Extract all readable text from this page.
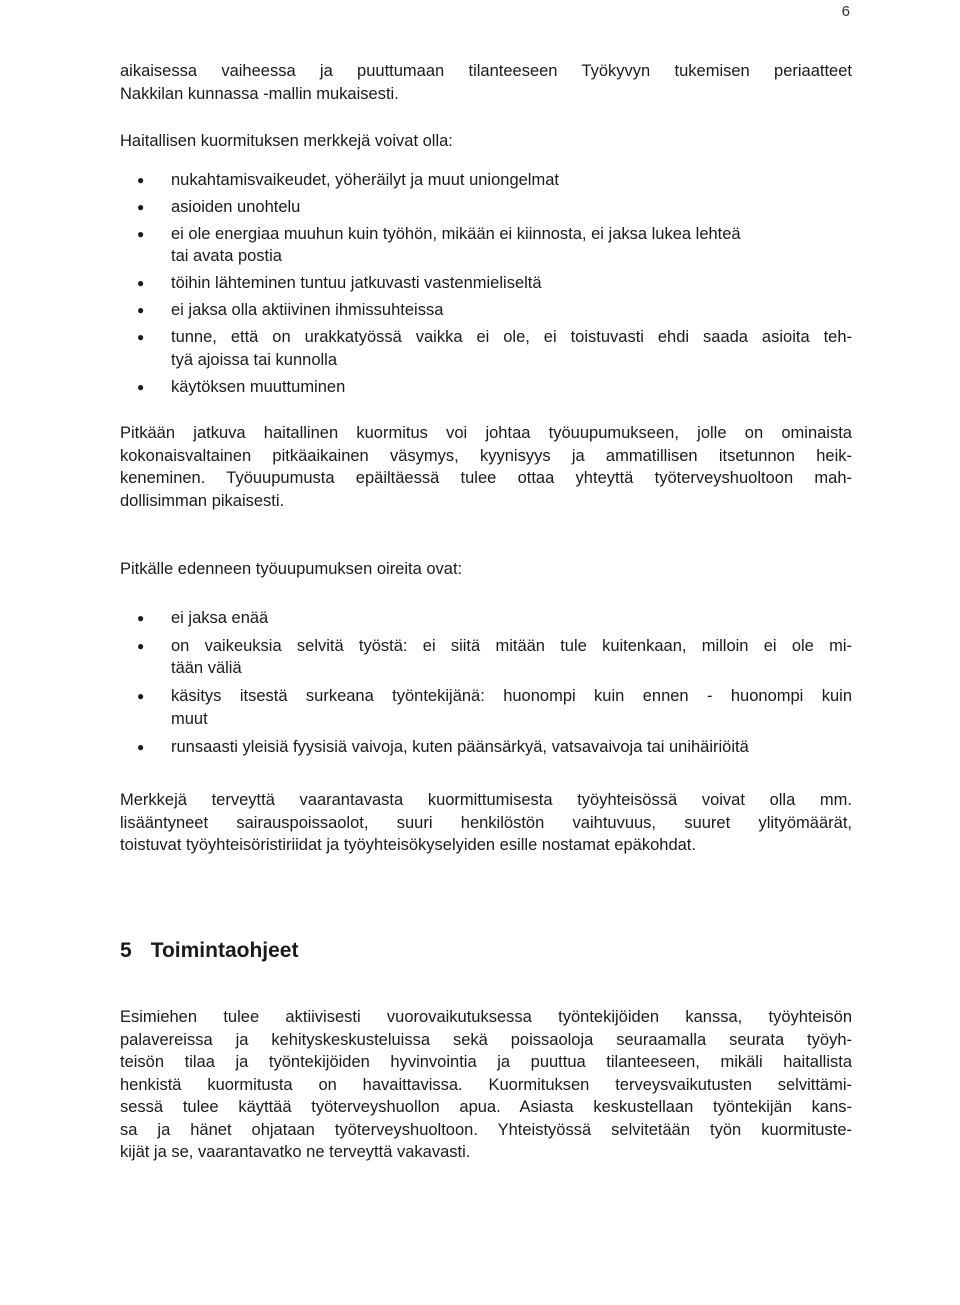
6

aikaisessa vaiheessa ja puuttumaan tilanteeseen Työkyvyn tukemisen periaatteet
Nakkilan kunnassa -mallin mukaisesti.

Haitallisen kuormituksen merkkejä voivat olla:

● nukahtamisvaikeudet, yöheräilyt ja muut uniongelmat
● asioiden unohtelu
● ei ole energiaa muuhun kuin työhön, mikään ei kiinnosta, ei jaksa lukea lehteä
tai avata postia
● töihin lähteminen tuntuu jatkuvasti vastenmieliseltä
● ei jaksa olla aktiivinen ihmissuhteissa
● tunne, että on urakkatyössä vaikka ei ole, ei toistuvasti ehdi saada asioita teh-
tyä ajoissa tai kunnolla
● käytöksen muuttuminen

Pitkään jatkuva haitallinen kuormitus voi johtaa työuupumukseen, jolle on ominaista
kokonaisvaltainen pitkäaikainen väsymys, kyynisyys ja ammatillisen itsetunnon heik-
keneminen. Työuupumusta epäiltäessä tulee ottaa yhteyttä työterveyshuoltoon mah-
dollisimman pikaisesti.

Pitkälle edenneen työuupumuksen oireita ovat:

● ei jaksa enää
● on vaikeuksia selvitä työstä: ei siitä mitään tule kuitenkaan, milloin ei ole mi-
tään väliä
● käsitys itsestä surkeana työntekijänä: huonompi kuin ennen - huonompi kuin
muut
● runsaasti yleisiä fyysisiä vaivoja, kuten päänsärkyä, vatsavaivoja tai unihäiriöitä

Merkkejä terveyttä vaarantavasta kuormittumisesta työyhteisössä voivat olla mm.
lisääntyneet sairauspoissaolot, suuri henkilöstön vaihtuvuus, suuret ylityömäärät,
toistuvat työyhteisöristiriidat ja työyhteisökyselyiden esille nostamat epäkohdat.

5 Toimintaohjeet

Esimiehen tulee aktiivisesti vuorovaikutuksessa työntekijöiden kanssa, työyhteisön
palavereissa ja kehityskeskusteluissa sekä poissaoloja seuraamalla seurata työyh-
teisön tilaa ja työntekijöiden hyvinvointia ja puuttua tilanteeseen, mikäli haitallista
henkistä kuormitusta on havaittavissa. Kuormituksen terveysvaikutusten selvittämi-
sessä tulee käyttää työterveyshuollon apua. Asiasta keskustellaan työntekijän kans-
sa ja hänet ohjataan työterveyshuoltoon. Yhteistyössä selvitetään työn kuormituste-
kijät ja se, vaarantavatko ne terveyttä vakavasti.
